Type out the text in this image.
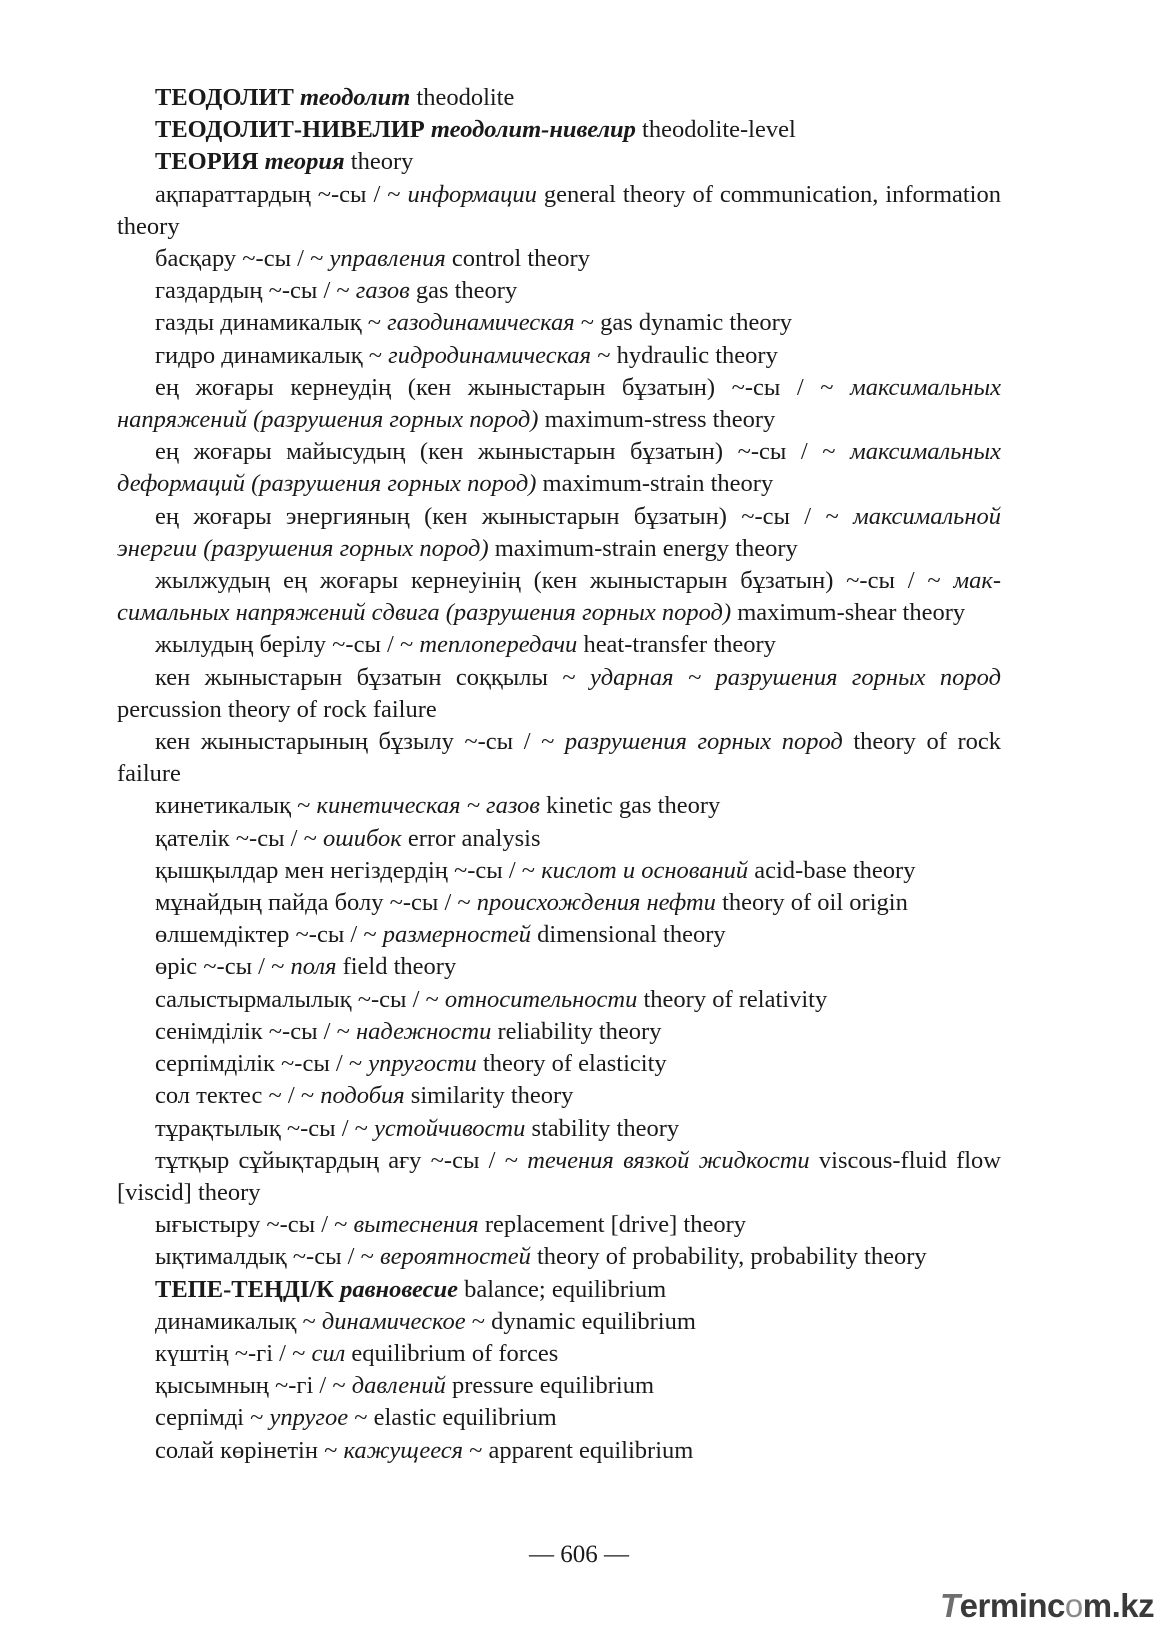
ТЕОДОЛИТ теодолит theodolite

ТЕОДОЛИТ-НИВЕЛИР теодолит-нивелир theodolite-level

ТЕОРИЯ теория theory

ақпараттардың ~-сы / ~ информации general theory of communication, information theory

басқару ~-сы / ~ управления control theory

газдардың ~-сы / ~ газов gas theory

газды динамикалық ~ газодинамическая ~ gas dynamic theory

гидро динамикалық ~ гидродинамическая ~ hydraulic theory

ең жоғары кернеудің (кен жыныстарын бұзатын) ~-сы / ~ максимальных напряжений (разрушения горных пород) maximum-stress theory

ең жоғары майысудың (кен жыныстарын бұзатын) ~-сы / ~ максимальных деформаций (разрушения горных пород) maximum-strain theory

ең жоғары энергияның (кен жыныстарын бұзатын) ~-сы / ~ максимальной энергии (разрушения горных пород) maximum-strain energy theory

жылжудың ең жоғары кернеуінің (кен жыныстарын бұзатын) ~-сы / ~ максимальных напряжений сдвига (разрушения горных пород) maximum-shear theory

жылудың берілу ~-сы / ~ теплопередачи heat-transfer theory

кен жыныстарын бұзатын соққылы ~ ударная ~ разрушения горных пород percussion theory of rock failure

кен жыныстарының бұзылу ~-сы / ~ разрушения горных пород theory of rock failure

кинетикалық ~ кинетическая ~ газов kinetic gas theory

қателік ~-сы / ~ ошибок error analysis

қышқылдар мен негіздердің ~-сы / ~ кислот и оснований acid-base theory

мұнайдың пайда болу ~-сы / ~ происхождения нефти theory of oil origin

өлшемдіктер ~-сы / ~ размерностей dimensional theory

өріс ~-сы / ~ поля field theory

салыстырмалылық ~-сы / ~ относительности theory of relativity

сенімділік ~-сы / ~ надежности reliability theory

серпімділік ~-сы / ~ упругости theory of elasticity

сол тектес ~ / ~ подобия similarity theory

тұрақтылық ~-сы / ~ устойчивости stability theory

тұтқыр сұйықтардың ағу ~-сы / ~ течения вязкой жидкости viscous-fluid flow [viscid] theory

ығыстыру ~-сы / ~ вытеснения replacement [drive] theory

ықтималдық ~-сы / ~ вероятностей theory of probability, probability theory

ТЕПЕ-ТЕҢДІ/К равновесие balance; equilibrium

динамикалық ~ динамическое ~ dynamic equilibrium

күштің ~-гі / ~ сил equilibrium of forces

қысымның ~-гі / ~ давлений pressure equilibrium

серпімді ~ упругое ~ elastic equilibrium

солай көрінетін ~ кажущееся ~ apparent equilibrium

— 606 —
Termincom.kz
